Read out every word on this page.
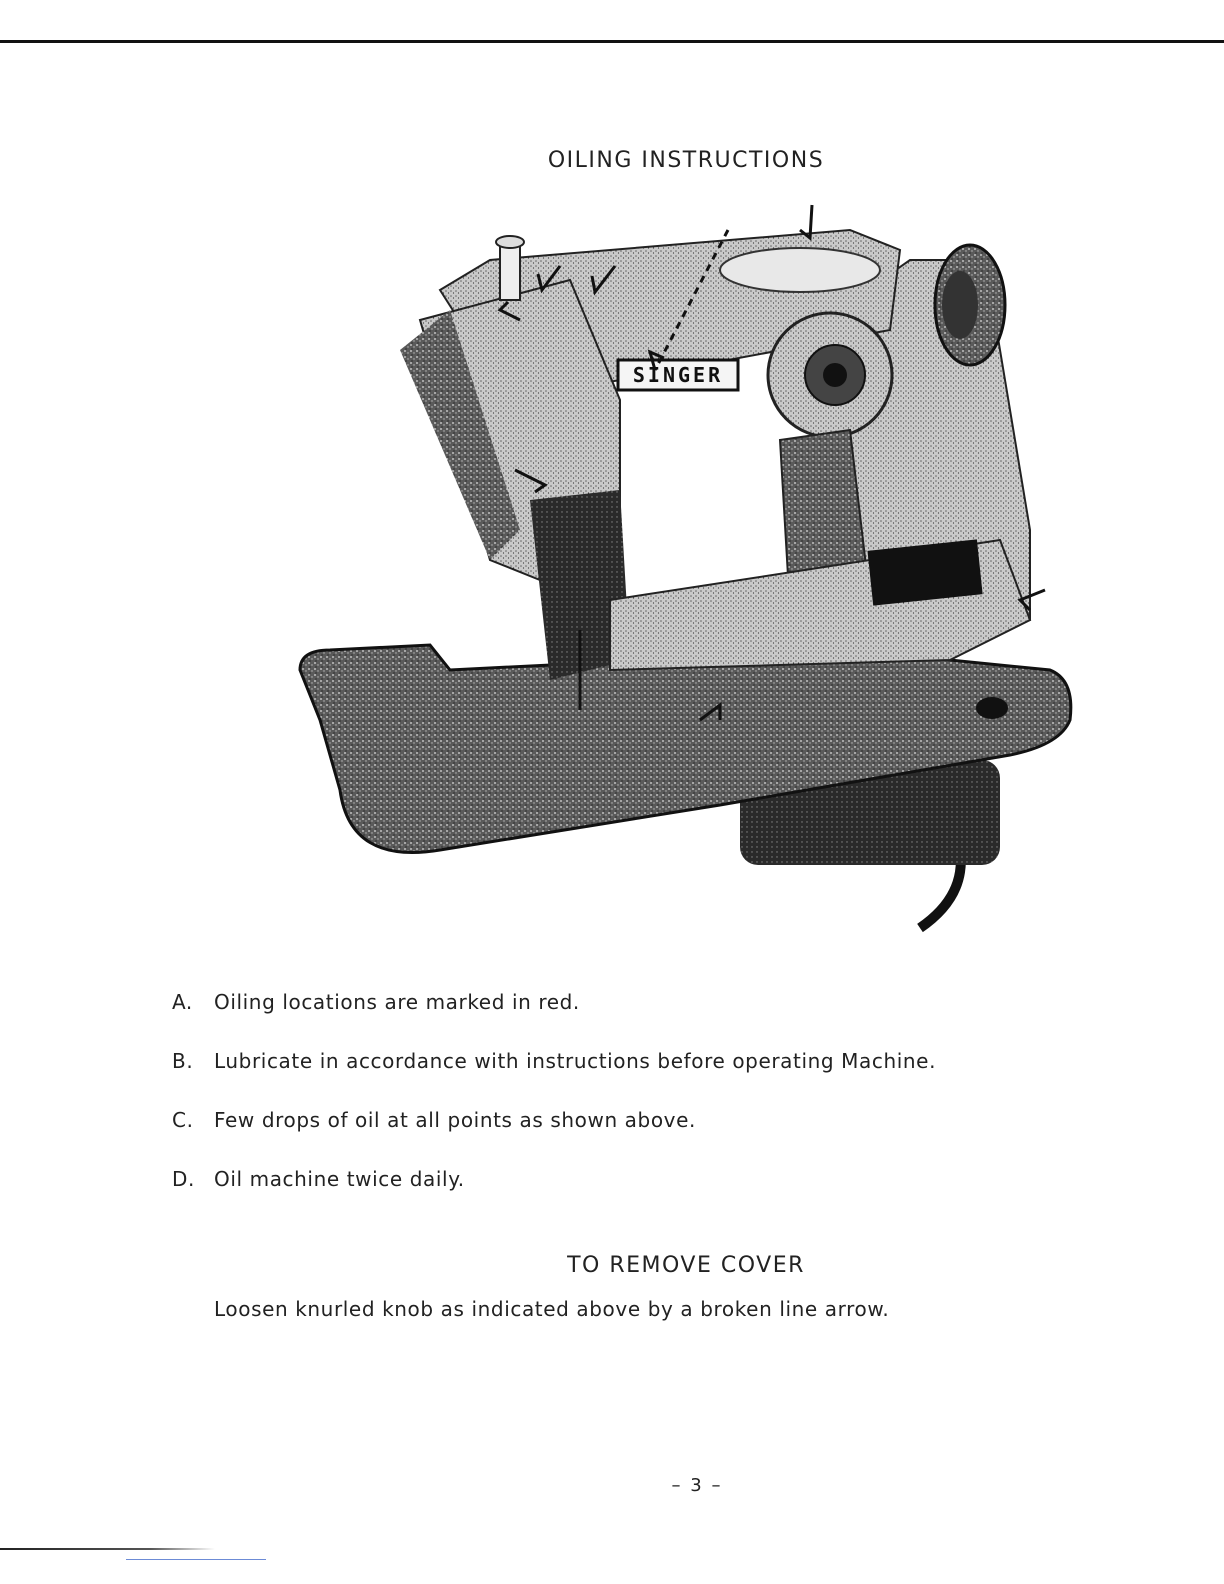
OILING INSTRUCTIONS
SINGER
A.	Oiling locations are marked in red.
B.	Lubricate in accordance with instructions before operating Machine.
C.	Few drops of oil at all points as shown above.
D. Oil machine twice daily.
TO REMOVE COVER
Loosen knurled knob as indicated above by a broken line arrow.
– 3 –
